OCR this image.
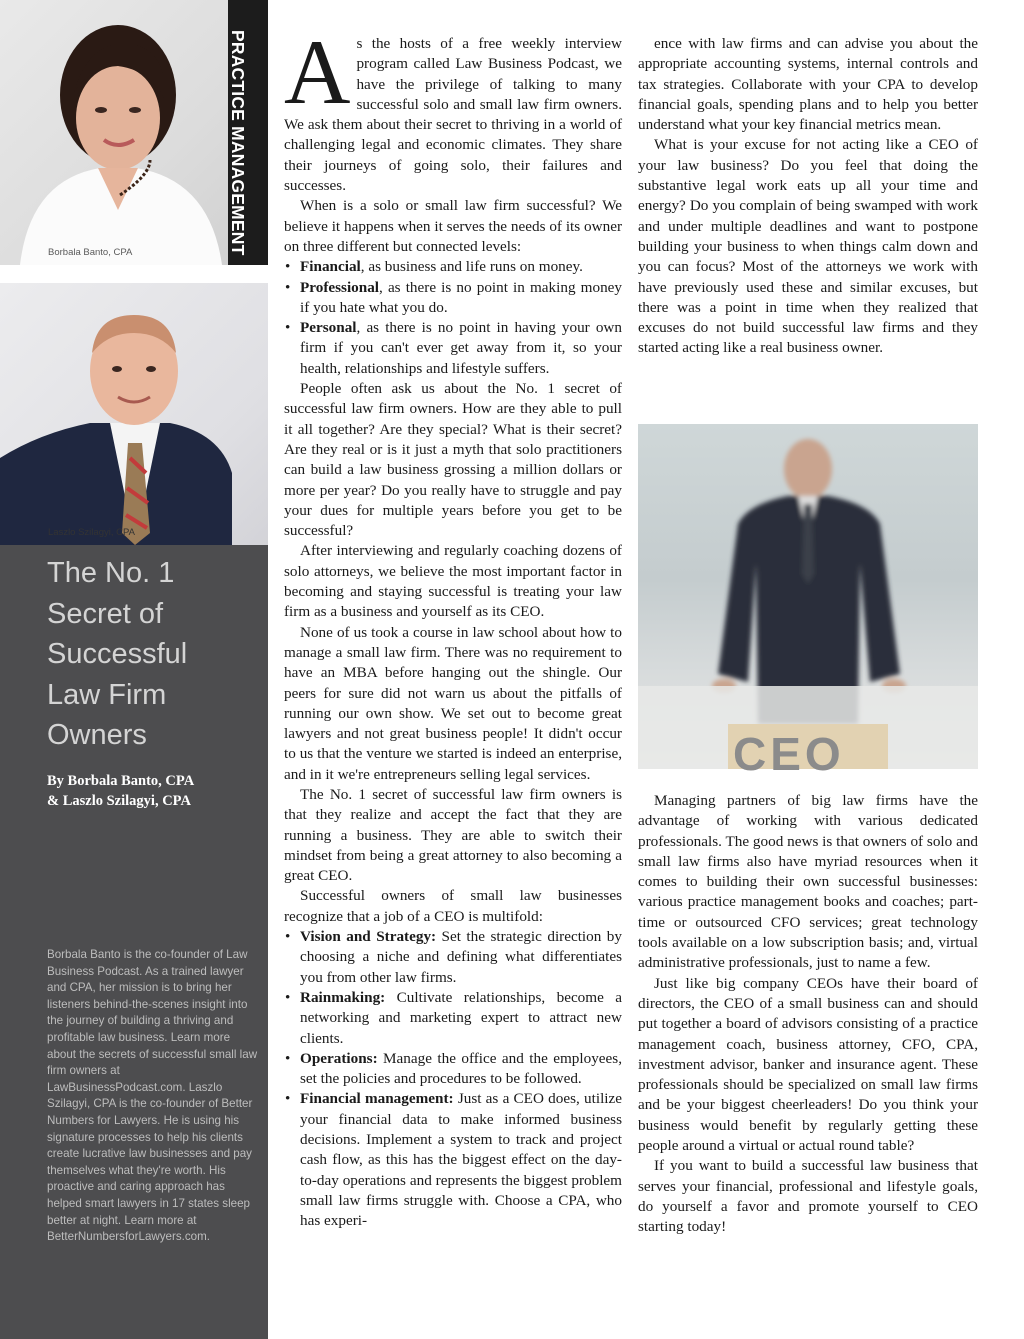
Borbala Banto, CPA	PRACTICE MANAGEMENT
Laszlo Szilagyi, CPA
The No. 1
Secret of
Successful
Law Firm
Owners
By Borbala Banto, CPA
& Laszlo Szilagyi, CPA
Borbala Banto is the co-founder of Law Business Podcast. As a trained lawyer and CPA, her mission is to bring her listeners behind-the-scenes insight into the journey of building a thriving and profitable law business. Learn more about the secrets of successful small law firm owners at LawBusinessPodcast.com. Laszlo Szilagyi, CPA is the co-founder of Better Numbers for Lawyers. He is using his signature processes to help his clients create lucrative law businesses and pay themselves what they're worth. His proactive and caring approach has helped smart lawyers in 17 states sleep better at night. Learn more at BetterNumbersforLawyers.com.

As the hosts of a free weekly interview program called Law Business Podcast, we have the privilege of talking to many successful solo and small law firm owners. We ask them about their secret to thriving in a world of challenging legal and economic climates. They share their journeys of going solo, their failures and successes.

When is a solo or small law firm successful? We believe it happens when it serves the needs of its owner on three different but connected levels:

• Financial, as business and life runs on money.
• Professional, as there is no point in making money if you hate what you do.
• Personal, as there is no point in having your own firm if you can't ever get away from it, so your health, relationships and lifestyle suffers.

People often ask us about the No. 1 secret of successful law firm owners. How are they able to pull it all together? Are they special? What is their secret? Are they real or is it just a myth that solo practitioners can build a law business grossing a million dollars or more per year? Do you really have to struggle and pay your dues for multiple years before you get to be successful?

After interviewing and regularly coaching dozens of solo attorneys, we believe the most important factor in becoming and staying successful is treating your law firm as a business and yourself as its CEO.

None of us took a course in law school about how to manage a small law firm. There was no requirement to have an MBA before hanging out the shingle. Our peers for sure did not warn us about the pitfalls of running our own show. We set out to become great lawyers and not great business people! It didn't occur to us that the venture we started is indeed an enterprise, and in it we're entrepreneurs selling legal services.

The No. 1 secret of successful law firm owners is that they realize and accept the fact that they are running a business. They are able to switch their mindset from being a great attorney to also becoming a great CEO.

Successful owners of small law businesses recognize that a job of a CEO is multifold:

• Vision and Strategy: Set the strategic direction by choosing a niche and defining what differentiates you from other law firms.
• Rainmaking: Cultivate relationships, become a networking and marketing expert to attract new clients.
• Operations: Manage the office and the employees, set the policies and procedures to be followed.
• Financial management: Just as a CEO does, utilize your financial data to make informed business decisions. Implement a system to track and project cash flow, as this has the biggest effect on the day-to-day operations and represents the biggest problem small law firms struggle with. Choose a CPA, who has experi-

ence with law firms and can advise you about the appropriate accounting systems, internal controls and tax strategies. Collaborate with your CPA to develop financial goals, spending plans and to help you better understand what your key financial metrics mean.

What is your excuse for not acting like a CEO of your law business? Do you feel that doing the substantive legal work eats up all your time and energy? Do you complain of being swamped with work and under multiple deadlines and want to postpone building your business to when things calm down and you can focus? Most of the attorneys we work with have previously used these and similar excuses, but there was a point in time when they realized that excuses do not build successful law firms and they started acting like a real business owner.

CEO

Managing partners of big law firms have the advantage of working with various dedicated professionals. The good news is that owners of solo and small law firms also have myriad resources when it comes to building their own successful businesses: various practice management books and coaches; part-time or outsourced CFO services; great technology tools available on a low subscription basis; and, virtual administrative professionals, just to name a few.

Just like big company CEOs have their board of directors, the CEO of a small business can and should put together a board of advisors consisting of a practice management coach, business attorney, CFO, CPA, investment advisor, banker and insurance agent. These professionals should be specialized on small law firms and be your biggest cheerleaders! Do you think your business would benefit by regularly getting these people around a virtual or actual round table?

If you want to build a successful law business that serves your financial, professional and lifestyle goals, do yourself a favor and promote yourself to CEO starting today!
